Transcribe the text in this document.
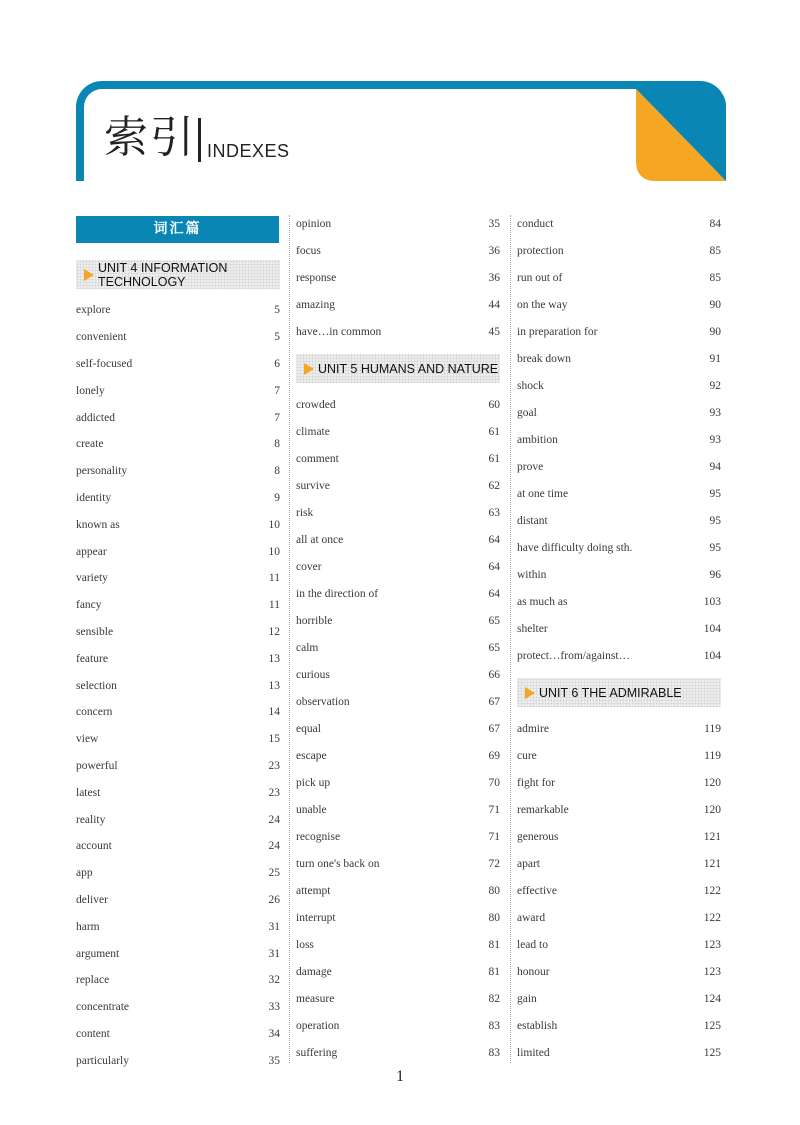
索引 INDEXES
词汇篇
UNIT 4 INFORMATION TECHNOLOGY
explore	5
convenient	5
self-focused	6
lonely	7
addicted	7
create	8
personality	8
identity	9
known as	10
appear	10
variety	11
fancy	11
sensible	12
feature	13
selection	13
concern	14
view	15
powerful	23
latest	23
reality	24
account	24
app	25
deliver	26
harm	31
argument	31
replace	32
concentrate	33
content	34
particularly	35
opinion	35
focus	36
response	36
amazing	44
have…in common	45
UNIT 5 HUMANS AND NATURE
crowded	60
climate	61
comment	61
survive	62
risk	63
all at once	64
cover	64
in the direction of	64
horrible	65
calm	65
curious	66
observation	67
equal	67
escape	69
pick up	70
unable	71
recognise	71
turn one's back on	72
attempt	80
interrupt	80
loss	81
damage	81
measure	82
operation	83
suffering	83
conduct	84
protection	85
run out of	85
on the way	90
in preparation for	90
break down	91
shock	92
goal	93
ambition	93
prove	94
at one time	95
distant	95
have difficulty doing sth.	95
within	96
as much as	103
shelter	104
protect…from/against…	104
UNIT 6 THE ADMIRABLE
admire	119
cure	119
fight for	120
remarkable	120
generous	121
apart	121
effective	122
award	122
lead to	123
honour	123
gain	124
establish	125
limited	125
1
